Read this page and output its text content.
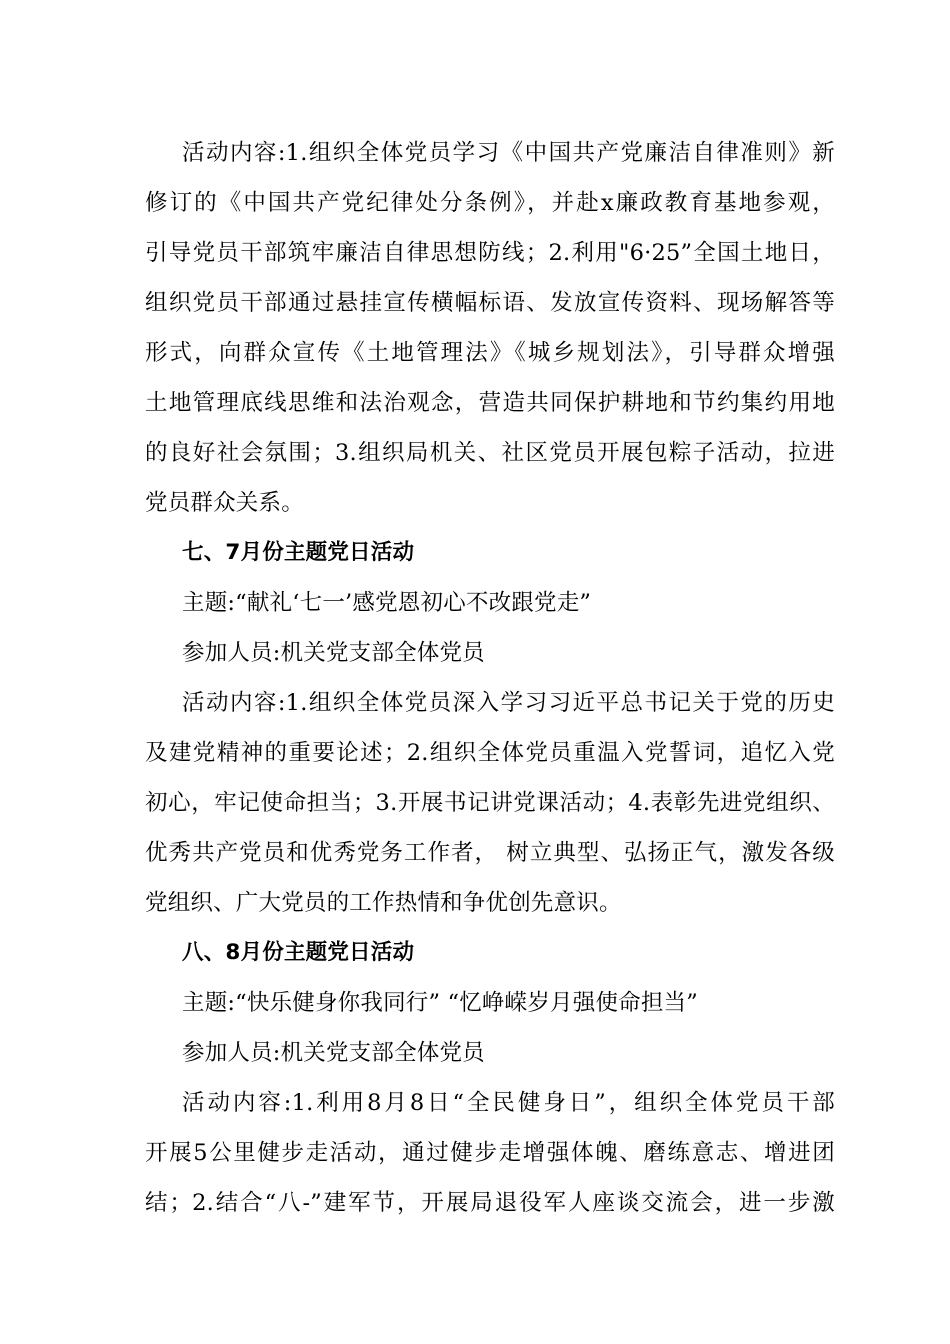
活动内容:1.组织全体党员学习《中国共产党廉洁自律准则》新
修订的《中国共产党纪律处分条例》，并赴x廉政教育基地参观，
引导党员干部筑牢廉洁自律思想防线；2.利用"6·25”全国土地日，
组织党员干部通过悬挂宣传横幅标语、发放宣传资料、现场解答等
形式，向群众宣传《土地管理法》《城乡规划法》，引导群众增强
土地管理底线思维和法治观念，营造共同保护耕地和节约集约用地
的良好社会氛围；3.组织局机关、社区党员开展包粽子活动，拉进
党员群众关系。
七、7月份主题党日活动
主题:“献礼‘七一’感党恩初心不改跟党走”
参加人员:机关党支部全体党员
活动内容:1.组织全体党员深入学习习近平总书记关于党的历史
及建党精神的重要论述；2.组织全体党员重温入党誓词，追忆入党
初心，牢记使命担当；3.开展书记讲党课活动；4.表彰先进党组织、
优秀共产党员和优秀党务工作者， 树立典型、弘扬正气，激发各级
党组织、广大党员的工作热情和争优创先意识。
八、8月份主题党日活动
主题:“快乐健身你我同行” “忆峥嵘岁月强使命担当”
参加人员:机关党支部全体党员
活动内容:1.利用8月8日“全民健身日”，组织全体党员干部
开展5公里健步走活动，通过健步走增强体魄、磨练意志、增进团
结；2.结合“八-”建军节，开展局退役军人座谈交流会，进一步激
